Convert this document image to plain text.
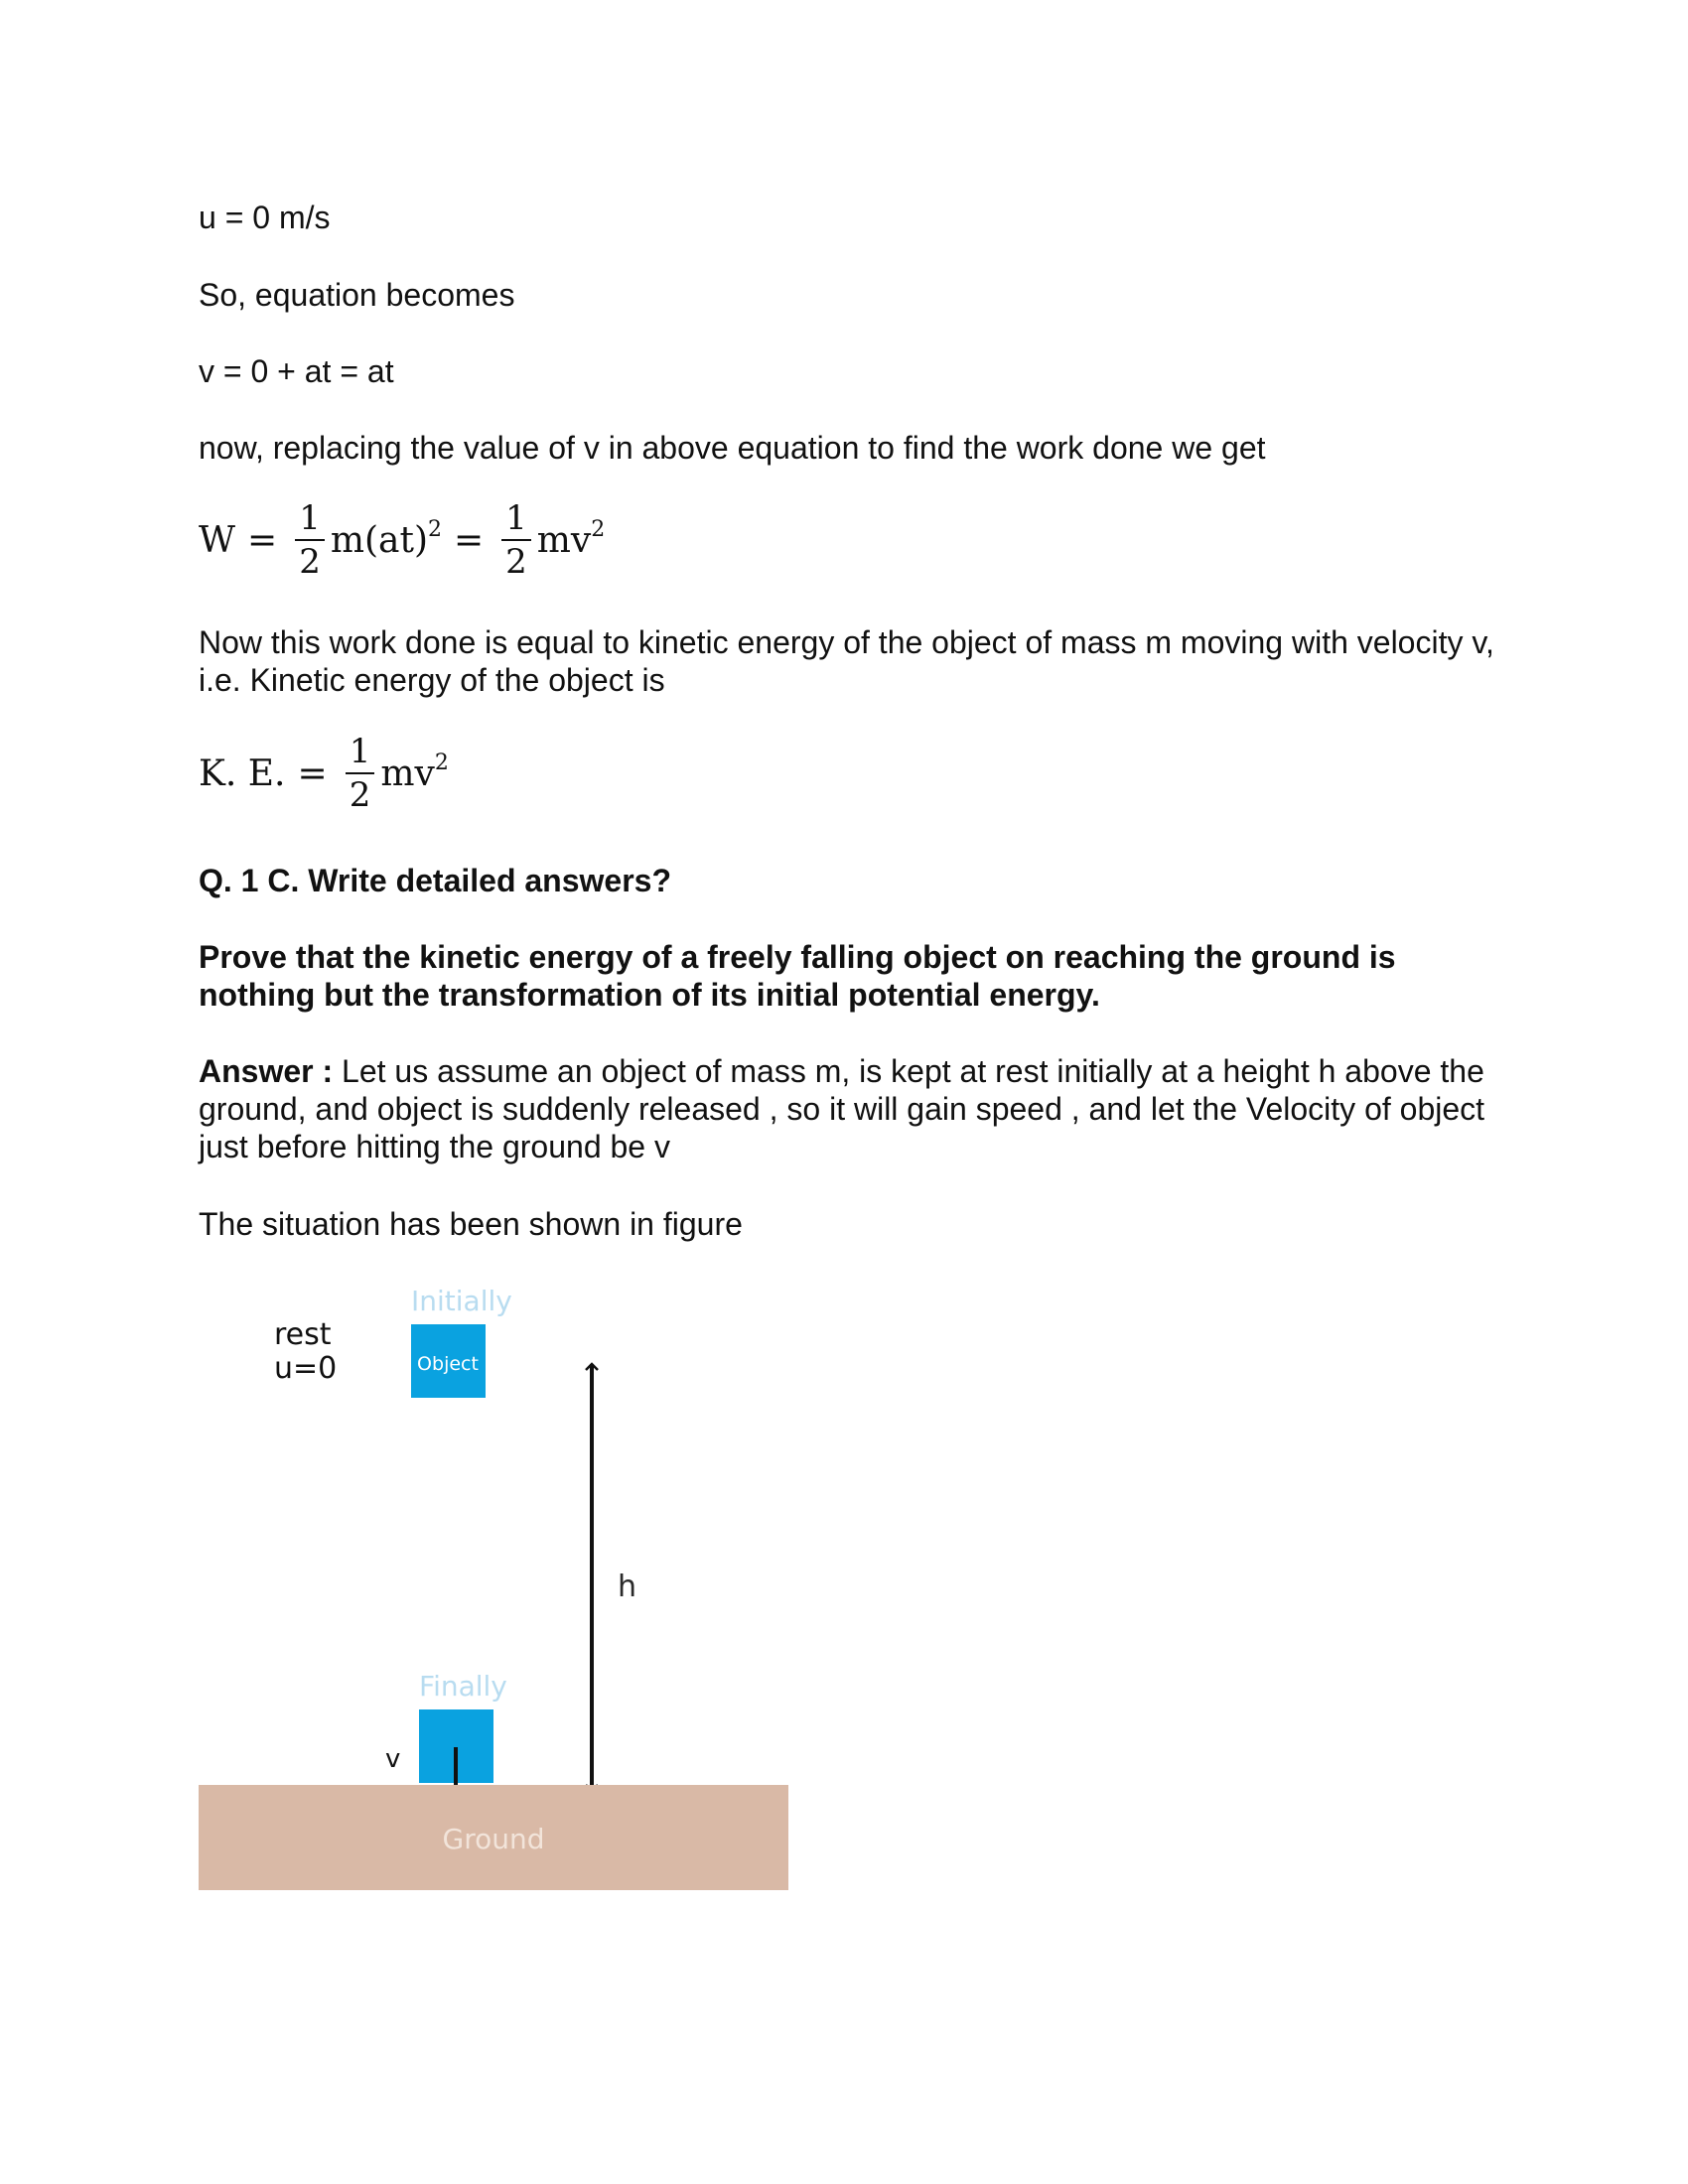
u = 0 m/s
So, equation becomes
v = 0 + at = at
now, replacing the value of v in above equation to find the work done we get
$W = \frac{1}{2} m(at)^2 = \frac{1}{2} mv^2$
Now this work done is equal to kinetic energy of the object of mass m moving with velocity v, i.e. Kinetic energy of the object is
K. E. = $\frac{1}{2} mv^2$
Q. 1 C. Write detailed answers?
Prove that the kinetic energy of a freely falling object on reaching the ground is nothing but the transformation of its initial potential energy.
Answer : Let us assume an object of mass m, is kept at rest initially at a height h above the ground, and object is suddenly released , so it will gain speed , and let the Velocity of object just before hitting the ground be v
The situation has been shown in figure
Initially
Object
rest
u=0
h
Finally
v
Ground
